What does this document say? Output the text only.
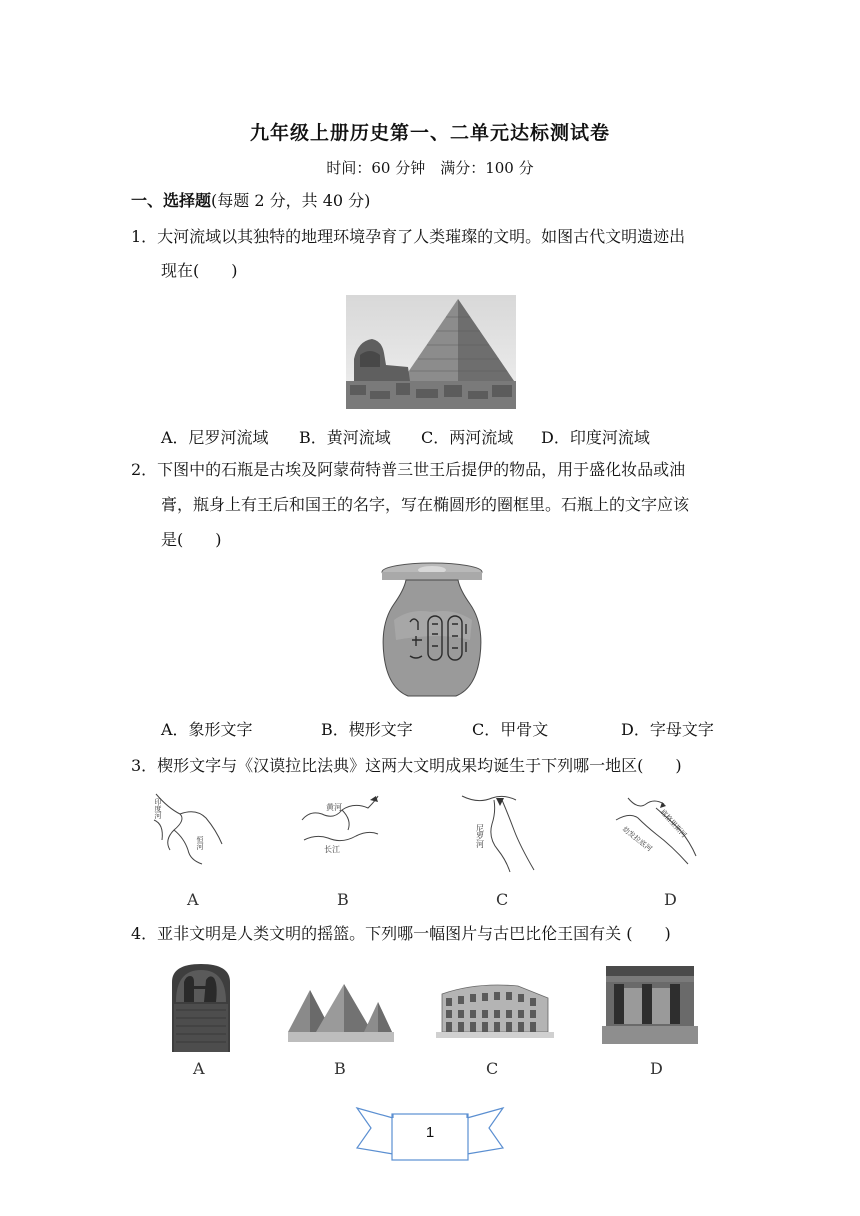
九年级上册历史第一、二单元达标测试卷
时间：60 分钟　满分：100 分
一、选择题(每题 2 分，共 40 分)
1．大河流域以其独特的地理环境孕育了人类璀璨的文明。如图古代文明遗迹出
现在(　　)
A．尼罗河流域 B．黄河流域 C．两河流域 D．印度河流域
2．下图中的石瓶是古埃及阿蒙荷特普三世王后提伊的物品，用于盛化妆品或油
膏，瓶身上有王后和国王的名字，写在椭圆形的圈框里。石瓶上的文字应该
是(　　)
A．象形文字	B．楔形文字	C．甲骨文	D．字母文字
3．楔形文字与《汉谟拉比法典》这两大文明成果均诞生于下列哪一地区(　　)
印度河
恒河
黄河
长江
尼罗河	幼发拉底河 底格里斯河
A	B	C	D
4．亚非文明是人类文明的摇篮。下列哪一幅图片与古巴比伦王国有关 (　　)
A	B	C	D
1
